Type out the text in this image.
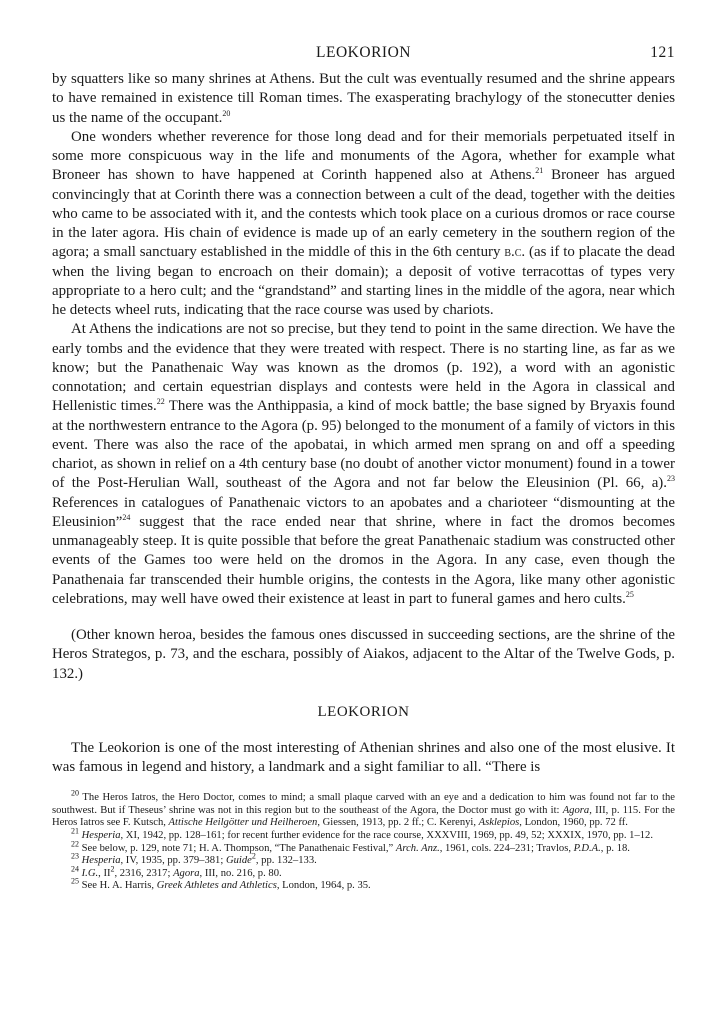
LEOKORION	121

by squatters like so many shrines at Athens. But the cult was eventually resumed and the shrine appears to have remained in existence till Roman times. The exasperating brachylogy of the stonecutter denies us the name of the occupant.$^{20}$

One wonders whether reverence for those long dead and for their memorials perpetuated itself in some more conspicuous way in the life and monuments of the Agora, whether for example what Broneer has shown to have happened at Corinth happened also at Athens.$^{21}$ Broneer has argued convincingly that at Corinth there was a connection between a cult of the dead, together with the deities who came to be associated with it, and the contests which took place on a curious dromos or race course in the later agora. His chain of evidence is made up of an early cemetery in the southern region of the agora; a small sanctuary established in the middle of this in the 6th century b.c. (as if to placate the dead when the living began to encroach on their domain); a deposit of votive terracottas of types very appropriate to a hero cult; and the “grandstand” and starting lines in the middle of the agora, near which he detects wheel ruts, indicating that the race course was used by chariots.

At Athens the indications are not so precise, but they tend to point in the same direction. We have the early tombs and the evidence that they were treated with respect. There is no starting line, as far as we know; but the Panathenaic Way was known as the dromos (p. 192), a word with an agonistic connotation; and certain equestrian displays and contests were held in the Agora in classical and Hellenistic times.$^{22}$ There was the Anthippasia, a kind of mock battle; the base signed by Bryaxis found at the northwestern entrance to the Agora (p. 95) belonged to the monument of a family of victors in this event. There was also the race of the apobatai, in which armed men sprang on and off a speeding chariot, as shown in relief on a 4th century base (no doubt of another victor monument) found in a tower of the Post-Herulian Wall, southeast of the Agora and not far below the Eleusinion (Pl. 66, a).$^{23}$ References in catalogues of Panathenaic victors to an apobates and a charioteer “dismounting at the Eleusinion”$^{24}$ suggest that the race ended near that shrine, where in fact the dromos becomes unmanageably steep. It is quite possible that before the great Panathenaic stadium was constructed other events of the Games too were held on the dromos in the Agora. In any case, even though the Panathenaia far transcended their humble origins, the contests in the Agora, like many other agonistic celebrations, may well have owed their existence at least in part to funeral games and hero cults.$^{25}$

(Other known heroa, besides the famous ones discussed in succeeding sections, are the shrine of the Heros Strategos, p. 73, and the eschara, possibly of Aiakos, adjacent to the Altar of the Twelve Gods, p. 132.)

LEOKORION

The Leokorion is one of the most interesting of Athenian shrines and also one of the most elusive. It was famous in legend and history, a landmark and a sight familiar to all. “There is

$^{20}$ The Heros Iatros, the Hero Doctor, comes to mind; a small plaque carved with an eye and a dedication to him was found not far to the southwest. But if Theseus’ shrine was not in this region but to the southeast of the Agora, the Doctor must go with it: Agora, III, p. 115. For the Heros Iatros see F. Kutsch, Attische Heilgötter und Heilheroen, Giessen, 1913, pp. 2 ff.; C. Kerenyi, Asklepios, London, 1960, pp. 72 ff.

$^{21}$ Hesperia, XI, 1942, pp. 128–161; for recent further evidence for the race course, XXXVIII, 1969, pp. 49, 52; XXXIX, 1970, pp. 1–12.

$^{22}$ See below, p. 129, note 71; H. A. Thompson, “The Panathenaic Festival,” Arch. Anz., 1961, cols. 224–231; Travlos, P.D.A., p. 18.

$^{23}$ Hesperia, IV, 1935, pp. 379–381; Guide$^2$, pp. 132–133.

$^{24}$ I.G., $II^2$, 2316, 2317; Agora, III, no. 216, p. 80.

$^{25}$ See H. A. Harris, Greek Athletes and Athletics, London, 1964, p. 35.
